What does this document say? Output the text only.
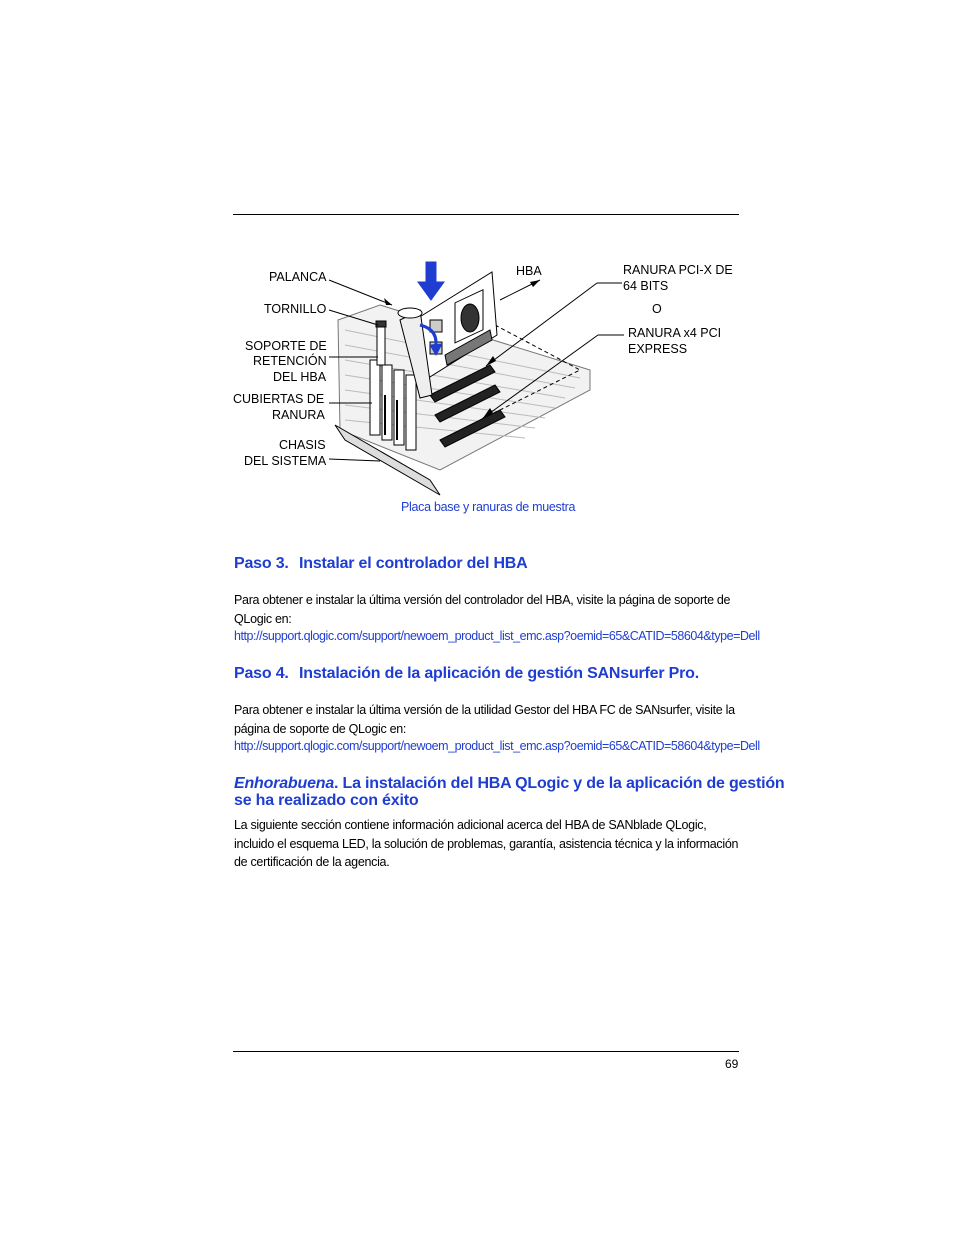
PALANCA
TORNILLO
SOPORTE DE
RETENCIÓN
DEL HBA
CUBIERTAS DE
RANURA
CHASIS
DEL SISTEMA
HBA	RANURA PCI-X DE
64 BITS
O
RANURA x4 PCI
EXPRESS
Placa base y ranuras de muestra
Paso 3. Instalar el controlador del HBA
Para obtener e instalar la última versión del controlador del HBA, visite la página de soporte de QLogic en:
http://support.qlogic.com/support/newoem_product_list_emc.asp?oemid=65&CATID=58604&type=Dell
Paso 4. Instalación de la aplicación de gestión SANsurfer Pro.
Para obtener e instalar la última versión de la utilidad Gestor del HBA FC de SANsurfer, visite la página de soporte de QLogic en:
http://support.qlogic.com/support/newoem_product_list_emc.asp?oemid=65&CATID=58604&type=Dell
Enhorabuena. La instalación del HBA QLogic y de la aplicación de gestión
se ha realizado con éxito
La siguiente sección contiene información adicional acerca del HBA de SANblade QLogic, incluido el esquema LED, la solución de problemas, garantía, asistencia técnica y la información de certificación de la agencia.
69
